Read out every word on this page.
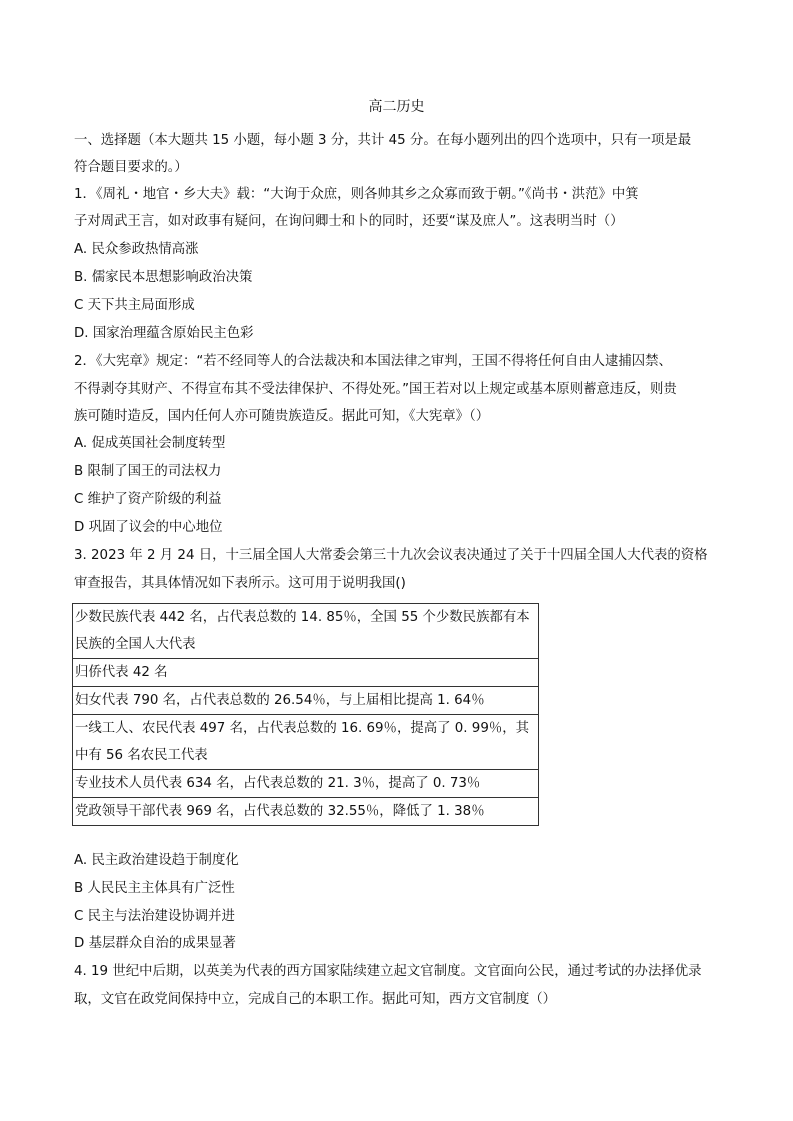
高二历史
一、选择题（本大题共 15 小题，每小题 3 分，共计 45 分。在每小题列出的四个选项中，只有一项是最
符合题目要求的。）
1．《周礼・地官・乡大夫》载：“大询于众庶，则各帅其乡之众寡而致于朝。”《尚书・洪范》中箕
子对周武王言，如对政事有疑问，在询问卿士和卜的同时，还要“谋及庶人”。这表明当时（）
A. 民众参政热情高涨
B. 儒家民本思想影响政治决策
C 天下共主局面形成
D. 国家治理蕴含原始民主色彩
2．《大宪章》规定：“若不经同等人的合法裁决和本国法律之审判，王国不得将任何自由人逮捕囚禁、
不得剥夺其财产、不得宣布其不受法律保护、不得处死。”国王若对以上规定或基本原则蓄意违反，则贵
族可随时造反，国内任何人亦可随贵族造反。据此可知，《大宪章》（）
A. 促成英国社会制度转型
B 限制了国王的司法权力
C 维护了资产阶级的利益
D 巩固了议会的中心地位
3. 2023 年 2 月 24 日，十三届全国人大常委会第三十九次会议表决通过了关于十四届全国人大代表的资格
审查报告，其具体情况如下表所示。这可用于说明我国()
少数民族代表 442 名，占代表总数的 14. 85％，全国 55 个少数民族都有本民族的全国人大代表
归侨代表 42 名
妇女代表 790 名，占代表总数的 26.54％，与上届相比提高 1. 64％
一线工人、农民代表 497 名，占代表总数的 16. 69％，提高了 0. 99％，其中有 56 名农民工代表
专业技术人员代表 634 名，占代表总数的 21. 3％，提高了 0. 73％
党政领导干部代表 969 名，占代表总数的 32.55％，降低了 1. 38％
A. 民主政治建设趋于制度化
B 人民民主主体具有广泛性
C 民主与法治建设协调并进
D 基层群众自治的成果显著
4. 19 世纪中后期，以英美为代表的西方国家陆续建立起文官制度。文官面向公民，通过考试的办法择优录
取，文官在政党间保持中立，完成自己的本职工作。据此可知，西方文官制度（）
